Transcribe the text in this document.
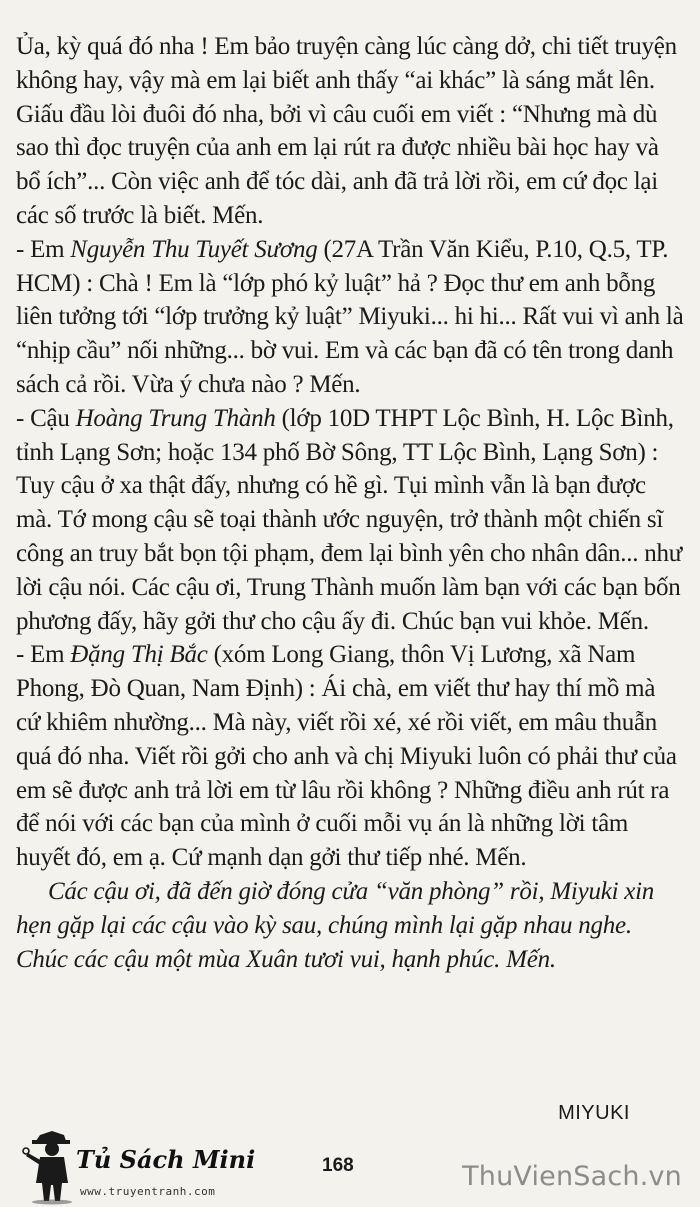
Ủa, kỳ quá đó nha ! Em bảo truyện càng lúc càng dở, chi tiết truyện không hay, vậy mà em lại biết anh thấy “ai khác” là sáng mắt lên. Giấu đầu lòi đuôi đó nha, bởi vì câu cuối em viết : “Nhưng mà dù sao thì đọc truyện của anh em lại rút ra được nhiều bài học hay và bổ ích”... Còn việc anh để tóc dài, anh đã trả lời rồi, em cứ đọc lại các số trước là biết. Mến.

- Em Nguyễn Thu Tuyết Sương (27A Trần Văn Kiểu, P.10, Q.5, TP. HCM) : Chà ! Em là “lớp phó kỷ luật” hả ? Đọc thư em anh bỗng liên tưởng tới “lớp trưởng kỷ luật” Miyuki... hi hi... Rất vui vì anh là “nhịp cầu” nối những... bờ vui. Em và các bạn đã có tên trong danh sách cả rồi. Vừa ý chưa nào ? Mến.

- Cậu Hoàng Trung Thành (lớp 10D THPT Lộc Bình, H. Lộc Bình, tỉnh Lạng Sơn; hoặc 134 phố Bờ Sông, TT Lộc Bình, Lạng Sơn) : Tuy cậu ở xa thật đấy, nhưng có hề gì. Tụi mình vẫn là bạn được mà. Tớ mong cậu sẽ toại thành ước nguyện, trở thành một chiến sĩ công an truy bắt bọn tội phạm, đem lại bình yên cho nhân dân... như lời cậu nói. Các cậu ơi, Trung Thành muốn làm bạn với các bạn bốn phương đấy, hãy gởi thư cho cậu ấy đi. Chúc bạn vui khỏe. Mến.

- Em Đặng Thị Bắc (xóm Long Giang, thôn Vị Lương, xã Nam Phong, Đò Quan, Nam Định) : Ái chà, em viết thư hay thí mồ mà cứ khiêm nhường... Mà này, viết rồi xé, xé rồi viết, em mâu thuẫn quá đó nha. Viết rồi gởi cho anh và chị Miyuki luôn có phải thư của em sẽ được anh trả lời em từ lâu rồi không ? Những điều anh rút ra để nói với các bạn của mình ở cuối mỗi vụ án là những lời tâm huyết đó, em ạ. Cứ mạnh dạn gởi thư tiếp nhé. Mến.

Các cậu ơi, đã đến giờ đóng cửa “văn phòng” rồi, Miyuki xin hẹn gặp lại các cậu vào kỳ sau, chúng mình lại gặp nhau nghe. Chúc các cậu một mùa Xuân tươi vui, hạnh phúc. Mến.

MIYUKI
Tủ Sách Mini
www.truyentranh.com
168	ThuVienSach.vn
